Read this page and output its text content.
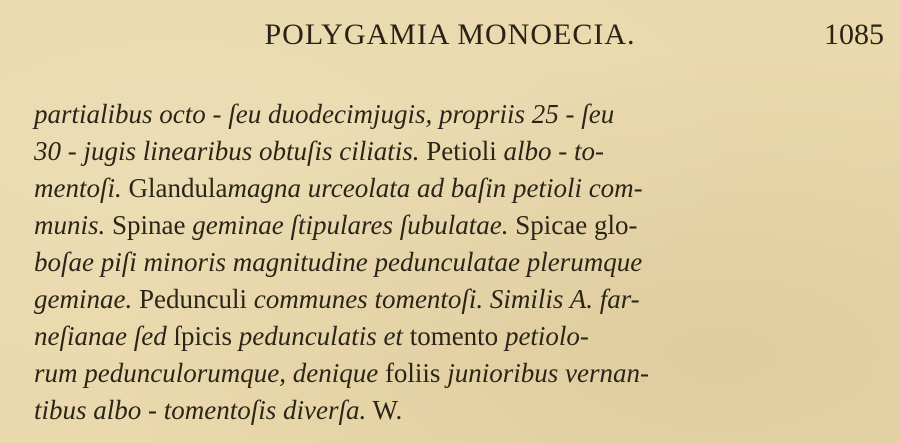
POLYGAMIA MONOECIA.	1085
partialibus octo - ſeu duodecimjugis, propriis 25 - ſeu
30 - jugis linearibus obtuſis ciliatis. Petioli albo - to-
mentoſi. Glandulamagna urceolata ad baſin petioli com-
munis. Spinae geminae ſtipulares ſubulatae. Spicae glo-
boſae piſi minoris magnitudine pedunculatae plerumque
geminae. Pedunculi communes tomentoſi. Similis A. far-
neſianae ſed ſpicis pedunculatis et tomento petiolo-
rum pedunculorumque, denique foliis junioribus vernan-
tibus albo - tomentoſis diverſa. W.
